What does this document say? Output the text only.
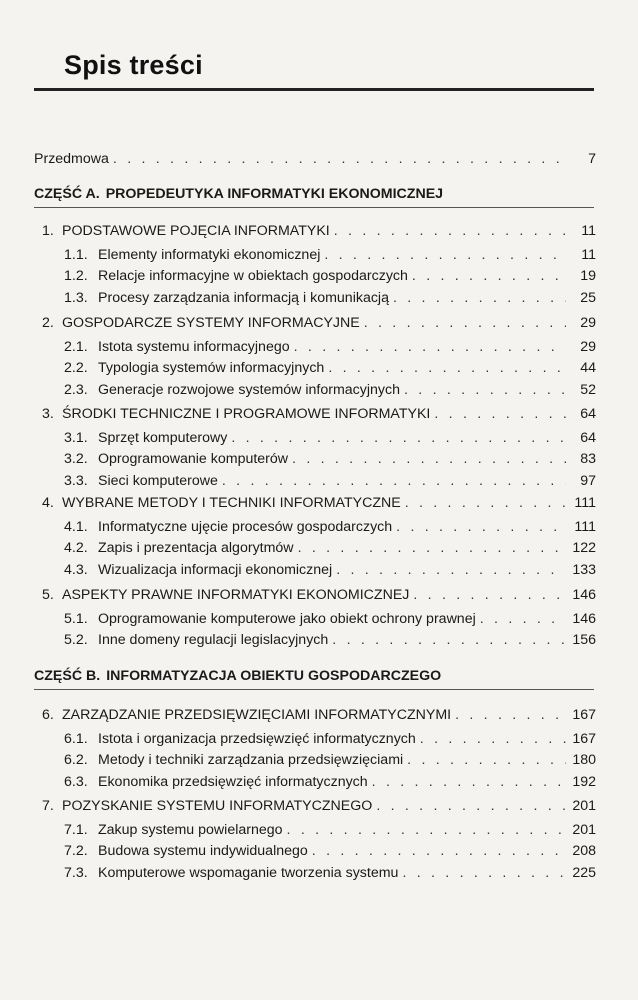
Spis treści
Przedmowa . . .	7
CZĘŚĆ A. PROPEDEUTYKA INFORMATYKI EKONOMICZNEJ
1. PODSTAWOWE POJĘCIA INFORMATYKI . . .	11
1.1. Elementy informatyki ekonomicznej . . .	11
1.2. Relacje informacyjne w obiektach gospodarczych . . .	19
1.3. Procesy zarządzania informacją i komunikacją . . .	25
2. GOSPODARCZE SYSTEMY INFORMACYJNE . . .	29
2.1. Istota systemu informacyjnego . . .	29
2.2. Typologia systemów informacyjnych . . .	44
2.3. Generacje rozwojowe systemów informacyjnych . . .	52
3. ŚRODKI TECHNICZNE I PROGRAMOWE INFORMATYKI . . .	64
3.1. Sprzęt komputerowy . . .	64
3.2. Oprogramowanie komputerów . . .	83
3.3. Sieci komputerowe . . .	97
4. WYBRANE METODY I TECHNIKI INFORMATYCZNE . . .	111
4.1. Informatyczne ujęcie procesów gospodarczych . . .	111
4.2. Zapis i prezentacja algorytmów . . .	122
4.3. Wizualizacja informacji ekonomicznej . . .	133
5. ASPEKTY PRAWNE INFORMATYKI EKONOMICZNEJ . . .	146
5.1. Oprogramowanie komputerowe jako obiekt ochrony prawnej . . .	146
5.2. Inne domeny regulacji legislacyjnych . . .	156
CZĘŚĆ B. INFORMATYZACJA OBIEKTU GOSPODARCZEGO
6. ZARZĄDZANIE PRZEDSIĘWZIĘCIAMI INFORMATYCZNYMI . . .	167
6.1. Istota i organizacja przedsięwzięć informatycznych . . .	167
6.2. Metody i techniki zarządzania przedsięwzięciami . . .	180
6.3. Ekonomika przedsięwzięć informatycznych . . .	192
7. POZYSKANIE SYSTEMU INFORMATYCZNEGO . . .	201
7.1. Zakup systemu powielarnego . . .	201
7.2. Budowa systemu indywidualnego . . .	208
7.3. Komputerowe wspomaganie tworzenia systemu . . .	225
